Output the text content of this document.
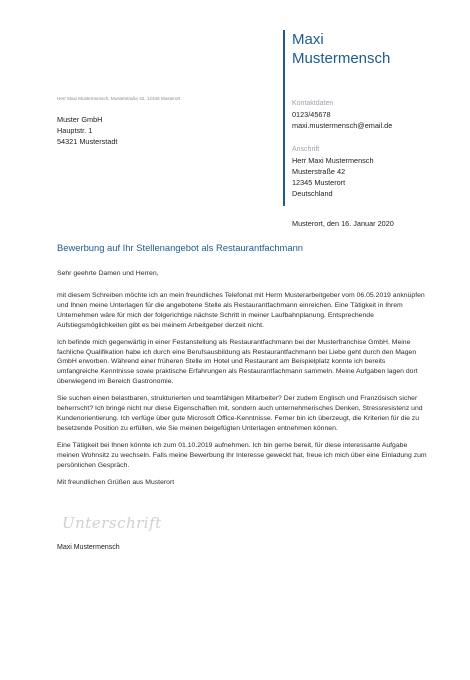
Maxi
Mustermensch
Herr Maxi Mustermensch, Musterstraße 42, 12345 Musterort
Muster GmbH
Hauptstr. 1
54321 Musterstadt
Kontaktdaten
0123/45678
maxi.mustermensch@email.de
Anschrift
Herr Maxi Mustermensch
Musterstraße 42
12345 Musterort
Deutschland
Musterort, den 16. Januar 2020
Bewerbung auf Ihr Stellenangebot als Restaurantfachmann
Sehr geehrte Damen und Herren,

mit diesem Schreiben möchte ich an mein freundliches Telefonat mit Herrn Musterarbeitgeber vom 06.05.2019 anknüpfen und Ihnen meine Unterlagen für die angebotene Stelle als Restaurantfachmann einreichen. Eine Tätigkeit in Ihrem Unternehmen wäre für mich der folgerichtige nächste Schritt in meiner Laufbahnplanung. Entsprechende Aufstiegsmöglichkeiten gibt es bei meinem Arbeitgeber derzeit nicht.

Ich befinde mich gegenwärtig in einer Festanstellung als Restaurantfachmann bei der Musterfranchise GmbH. Meine fachliche Qualifikation habe ich durch eine Berufsausbildung als Restaurantfachmann bei Liebe geht durch den Magen GmbH erworben. Während einer früheren Stelle im Hotel und Restaurant am Beispielplatz konnte ich bereits umfangreiche Kenntnisse sowie praktische Erfahrungen als Restaurantfachmann sammeln. Meine Aufgaben lagen dort überwiegend im Bereich Gastronomie.

Sie suchen einen belastbaren, strukturierten und teamfähigen Mitarbeiter? Der zudem Englisch und Französisch sicher beherrscht? Ich bringe nicht nur diese Eigenschaften mit, sondern auch unternehmerisches Denken, Stressresistenz und Kundenorientierung. Ich verfüge über gute Microsoft Office-Kenntnisse. Ferner bin ich überzeugt, die Kriterien für die zu besetzende Position zu erfüllen, wie Sie meinen beigefügten Unterlagen entnehmen können.

Eine Tätigkeit bei Ihnen könnte ich zum 01.10.2019 aufnehmen. Ich bin gerne bereit, für diese interessante Aufgabe meinen Wohnsitz zu wechseln. Falls meine Bewerbung Ihr Interesse geweckt hat, freue ich mich über eine Einladung zum persönlichen Gespräch.

Mit freundlichen Grüßen aus Musterort

Unterschrift
Maxi Mustermensch
